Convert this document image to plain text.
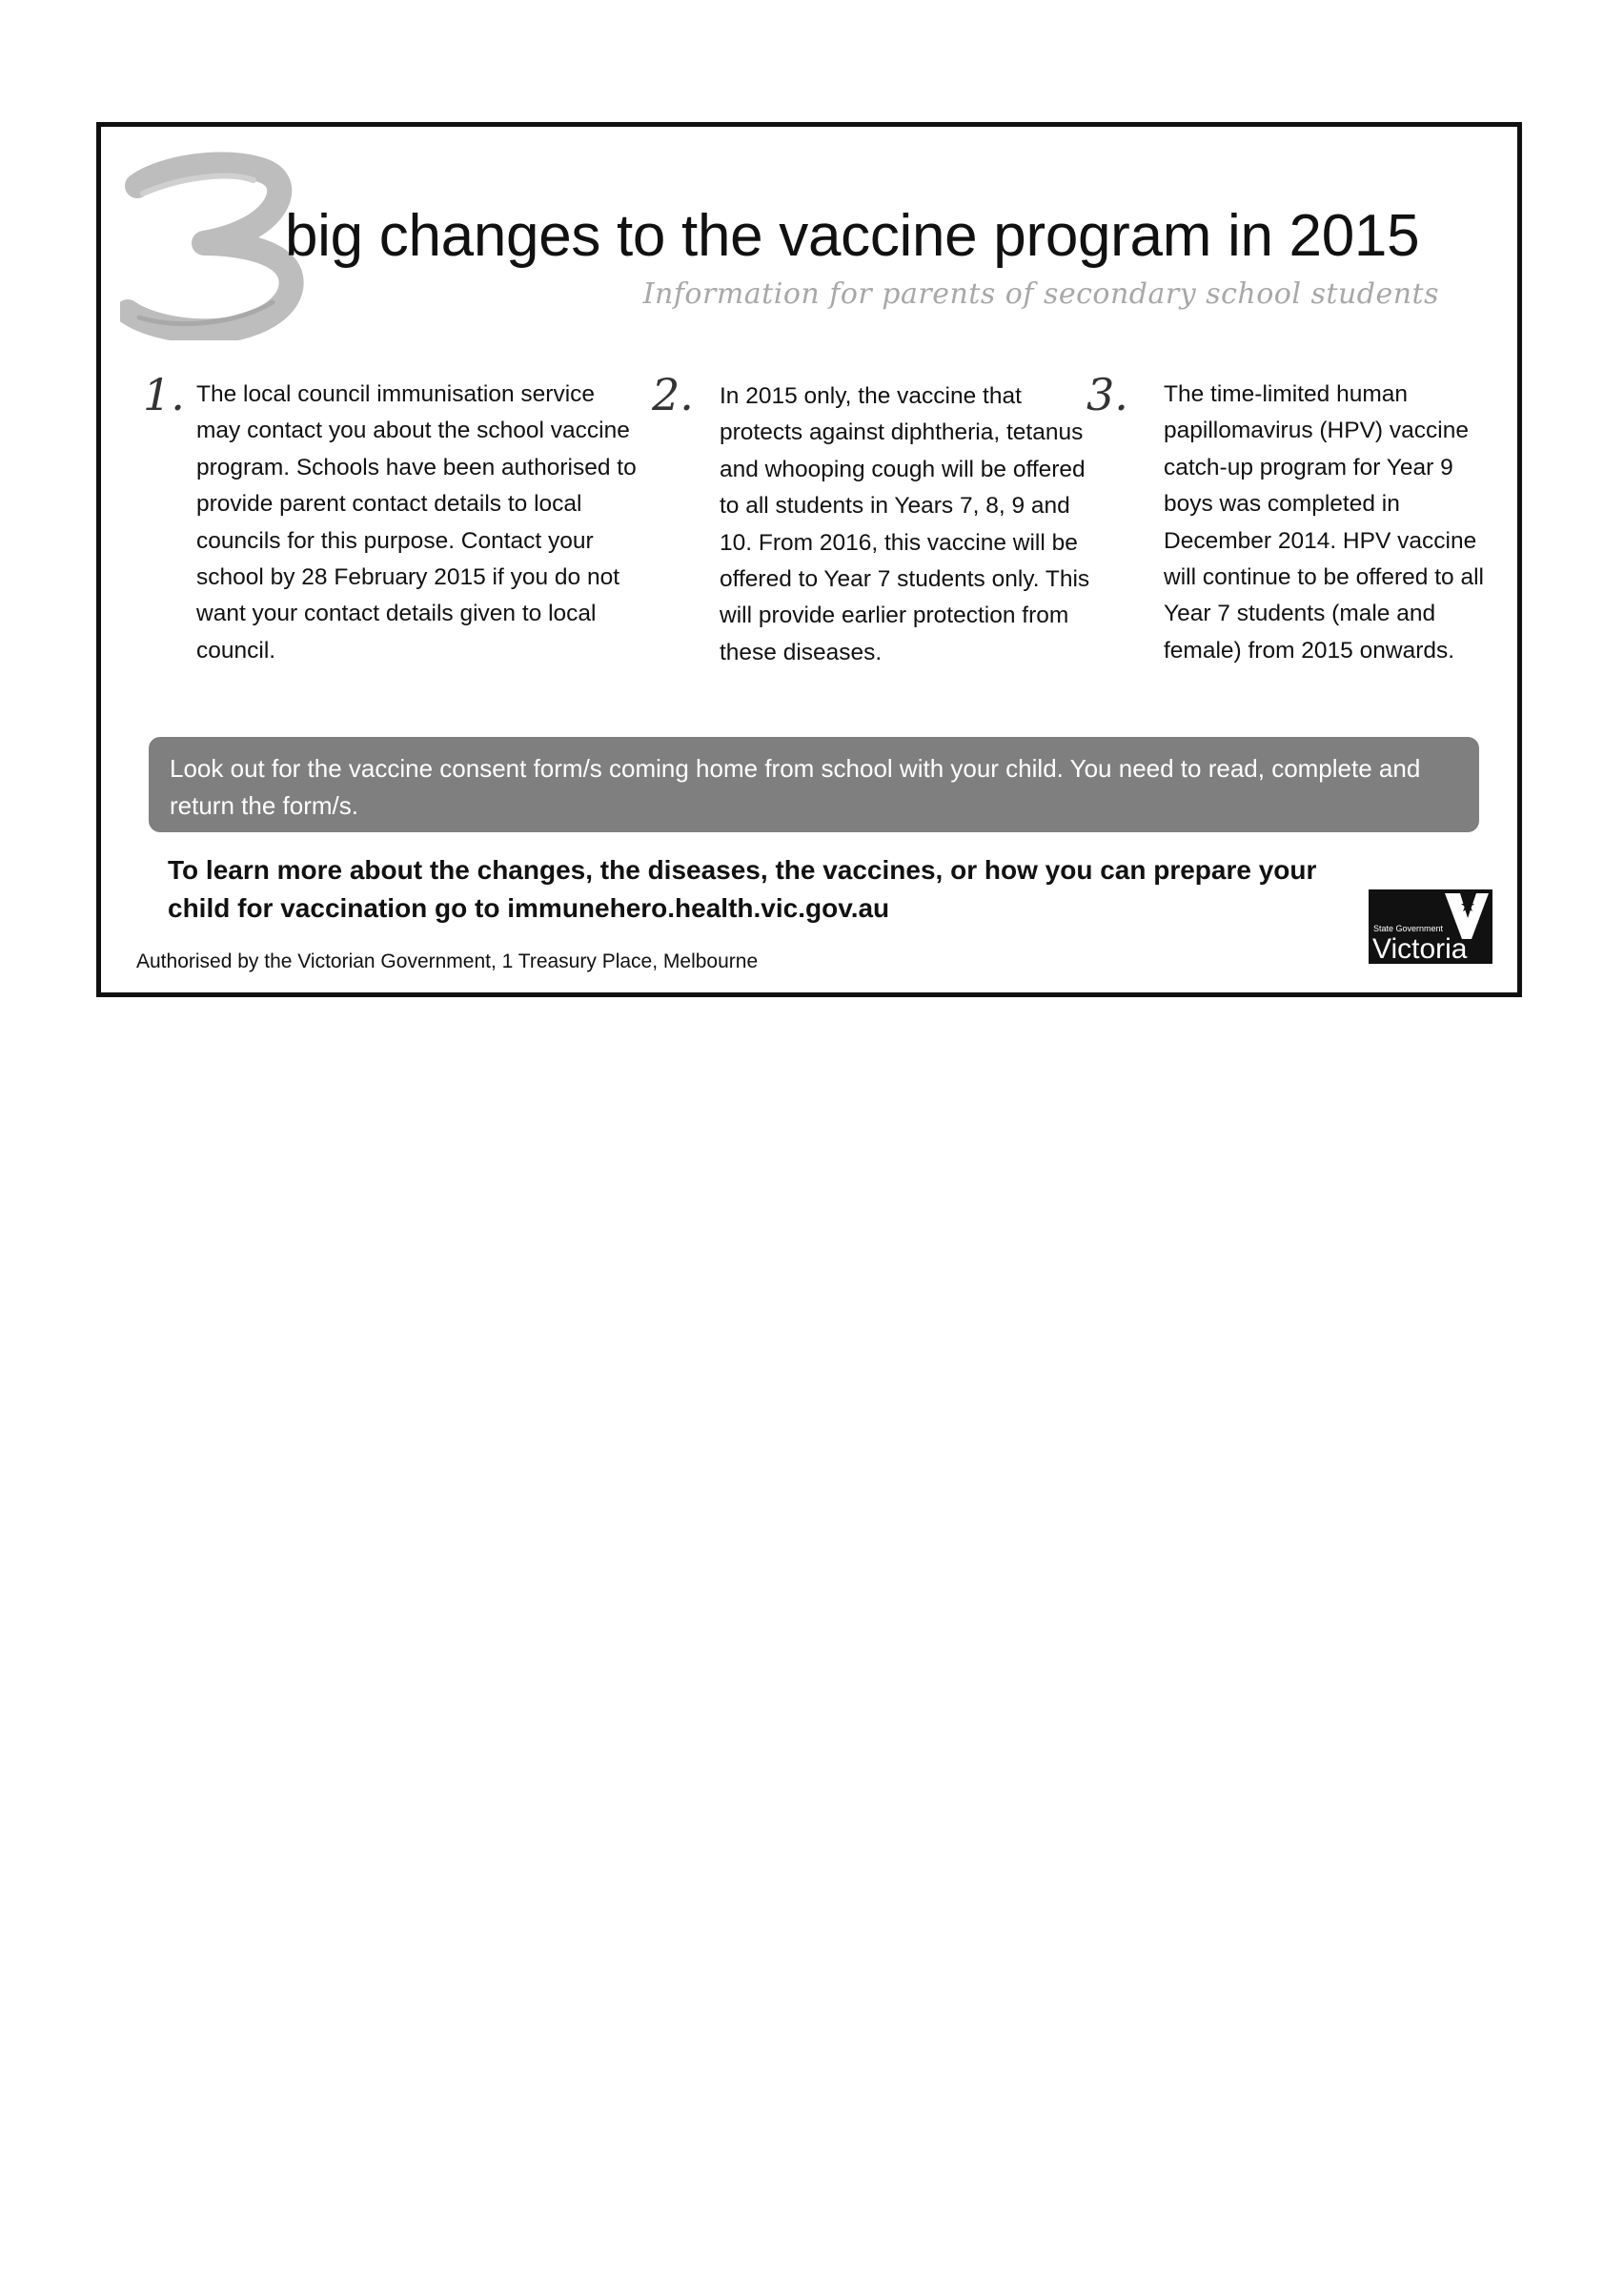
big changes to the vaccine program in 2015
Information for parents of secondary school students
1. The local council immunisation service may contact you about the school vaccine program. Schools have been authorised to provide parent contact details to local councils for this purpose. Contact your school by 28 February 2015 if you do not want your contact details given to local council.

2. In 2015 only, the vaccine that protects against diphtheria, tetanus and whooping cough will be offered to all students in Years 7, 8, 9 and 10. From 2016, this vaccine will be offered to Year 7 students only. This will provide earlier protection from these diseases.

3. The time-limited human papillomavirus (HPV) vaccine catch-up program for Year 9 boys was completed in December 2014. HPV vaccine will continue to be offered to all Year 7 students (male and female) from 2015 onwards.

Look out for the vaccine consent form/s coming home from school with your child. You need to read, complete and return the form/s.

To learn more about the changes, the diseases, the vaccines, or how you can prepare your child for vaccination go to immunehero.health.vic.gov.au

Authorised by the Victorian Government, 1 Treasury Place, Melbourne
State Government
Victoria
